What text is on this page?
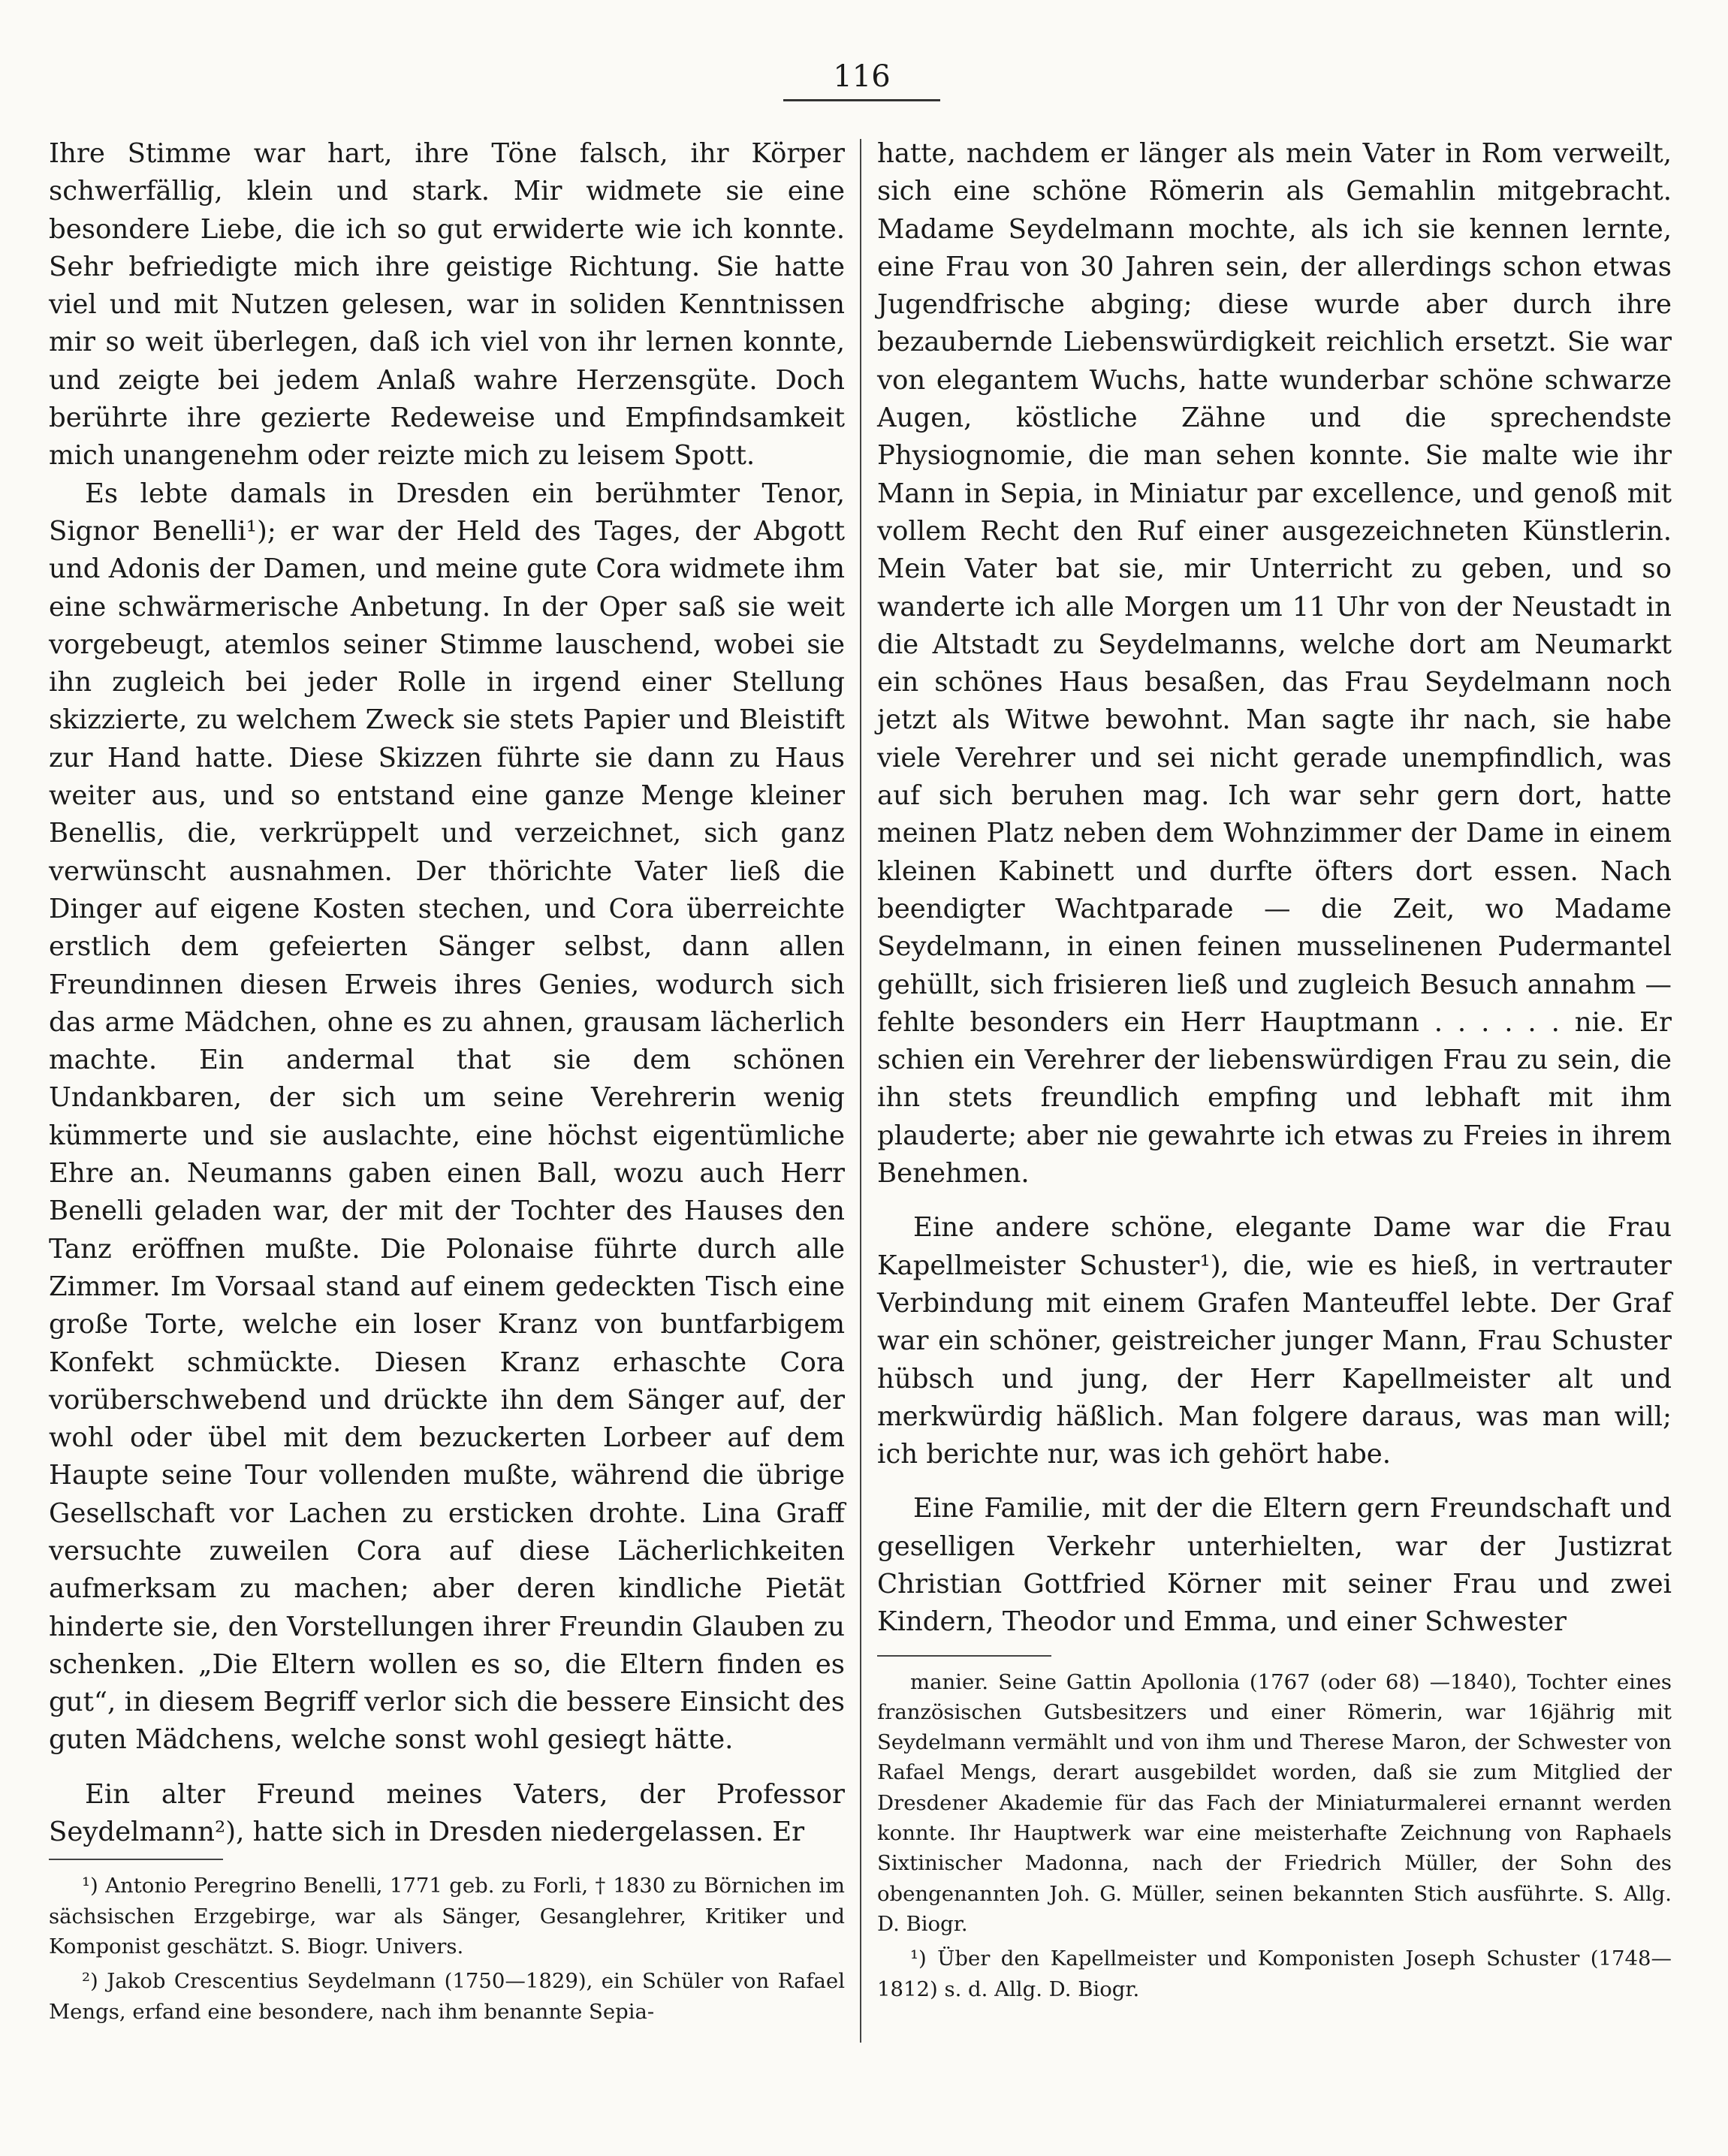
116

Ihre Stimme war hart, ihre Töne falsch, ihr Körper schwerfällig, klein und stark. Mir widmete sie eine besondere Liebe, die ich so gut erwiderte wie ich konnte. Sehr befriedigte mich ihre geistige Richtung. Sie hatte viel und mit Nutzen gelesen, war in soliden Kenntnissen mir so weit überlegen, daß ich viel von ihr lernen konnte, und zeigte bei jedem Anlaß wahre Herzensgüte. Doch berührte ihre gezierte Redeweise und Empfindsamkeit mich unangenehm oder reizte mich zu leisem Spott.

Es lebte damals in Dresden ein berühmter Tenor, Signor Benelli¹); er war der Held des Tages, der Abgott und Adonis der Damen, und meine gute Cora widmete ihm eine schwärmerische Anbetung. In der Oper saß sie weit vorgebeugt, atemlos seiner Stimme lauschend, wobei sie ihn zugleich bei jeder Rolle in irgend einer Stellung skizzierte, zu welchem Zweck sie stets Papier und Bleistift zur Hand hatte. Diese Skizzen führte sie dann zu Haus weiter aus, und so entstand eine ganze Menge kleiner Benellis, die, verkrüppelt und verzeichnet, sich ganz verwünscht ausnahmen. Der thörichte Vater ließ die Dinger auf eigene Kosten stechen, und Cora überreichte erstlich dem gefeierten Sänger selbst, dann allen Freundinnen diesen Erweis ihres Genies, wodurch sich das arme Mädchen, ohne es zu ahnen, grausam lächerlich machte. Ein andermal that sie dem schönen Undankbaren, der sich um seine Verehrerin wenig kümmerte und sie auslachte, eine höchst eigentümliche Ehre an. Neumanns gaben einen Ball, wozu auch Herr Benelli geladen war, der mit der Tochter des Hauses den Tanz eröffnen mußte. Die Polonaise führte durch alle Zimmer. Im Vorsaal stand auf einem gedeckten Tisch eine große Torte, welche ein loser Kranz von buntfarbigem Konfekt schmückte. Diesen Kranz erhaschte Cora vorüberschwebend und drückte ihn dem Sänger auf, der wohl oder übel mit dem bezuckerten Lorbeer auf dem Haupte seine Tour vollenden mußte, während die übrige Gesellschaft vor Lachen zu ersticken drohte. Lina Graff versuchte zuweilen Cora auf diese Lächerlichkeiten aufmerksam zu machen; aber deren kindliche Pietät hinderte sie, den Vorstellungen ihrer Freundin Glauben zu schenken. „Die Eltern wollen es so, die Eltern finden es gut“, in diesem Begriff verlor sich die bessere Einsicht des guten Mädchens, welche sonst wohl gesiegt hätte.

Ein alter Freund meines Vaters, der Professor Seydelmann²), hatte sich in Dresden niedergelassen. Er

¹) Antonio Peregrino Benelli, 1771 geb. zu Forli, † 1830 zu Börnichen im sächsischen Erzgebirge, war als Sänger, Gesanglehrer, Kritiker und Komponist geschätzt. S. Biogr. Univers.

²) Jakob Crescentius Seydelmann (1750—1829), ein Schüler von Rafael Mengs, erfand eine besondere, nach ihm benannte Sepia-

hatte, nachdem er länger als mein Vater in Rom verweilt, sich eine schöne Römerin als Gemahlin mitgebracht. Madame Seydelmann mochte, als ich sie kennen lernte, eine Frau von 30 Jahren sein, der allerdings schon etwas Jugendfrische abging; diese wurde aber durch ihre bezaubernde Liebenswürdigkeit reichlich ersetzt. Sie war von elegantem Wuchs, hatte wunderbar schöne schwarze Augen, köstliche Zähne und die sprechendste Physiognomie, die man sehen konnte. Sie malte wie ihr Mann in Sepia, in Miniatur par excellence, und genoß mit vollem Recht den Ruf einer ausgezeichneten Künstlerin. Mein Vater bat sie, mir Unterricht zu geben, und so wanderte ich alle Morgen um 11 Uhr von der Neustadt in die Altstadt zu Seydelmanns, welche dort am Neumarkt ein schönes Haus besaßen, das Frau Seydelmann noch jetzt als Witwe bewohnt. Man sagte ihr nach, sie habe viele Verehrer und sei nicht gerade unempfindlich, was auf sich beruhen mag. Ich war sehr gern dort, hatte meinen Platz neben dem Wohnzimmer der Dame in einem kleinen Kabinett und durfte öfters dort essen. Nach beendigter Wachtparade — die Zeit, wo Madame Seydelmann, in einen feinen musselinenen Pudermantel gehüllt, sich frisieren ließ und zugleich Besuch annahm — fehlte besonders ein Herr Hauptmann . . . . . . nie. Er schien ein Verehrer der liebenswürdigen Frau zu sein, die ihn stets freundlich empfing und lebhaft mit ihm plauderte; aber nie gewahrte ich etwas zu Freies in ihrem Benehmen.

Eine andere schöne, elegante Dame war die Frau Kapellmeister Schuster¹), die, wie es hieß, in vertrauter Verbindung mit einem Grafen Manteuffel lebte. Der Graf war ein schöner, geistreicher junger Mann, Frau Schuster hübsch und jung, der Herr Kapellmeister alt und merkwürdig häßlich. Man folgere daraus, was man will; ich berichte nur, was ich gehört habe.

Eine Familie, mit der die Eltern gern Freundschaft und geselligen Verkehr unterhielten, war der Justizrat Christian Gottfried Körner mit seiner Frau und zwei Kindern, Theodor und Emma, und einer Schwester

manier. Seine Gattin Apollonia (1767 (oder 68) —1840), Tochter eines französischen Gutsbesitzers und einer Römerin, war 16jährig mit Seydelmann vermählt und von ihm und Therese Maron, der Schwester von Rafael Mengs, derart ausgebildet worden, daß sie zum Mitglied der Dresdener Akademie für das Fach der Miniaturmalerei ernannt werden konnte. Ihr Hauptwerk war eine meisterhafte Zeichnung von Raphaels Sixtinischer Madonna, nach der Friedrich Müller, der Sohn des obengenannten Joh. G. Müller, seinen bekannten Stich ausführte. S. Allg. D. Biogr.

¹) Über den Kapellmeister und Komponisten Joseph Schuster (1748—1812) s. d. Allg. D. Biogr.
